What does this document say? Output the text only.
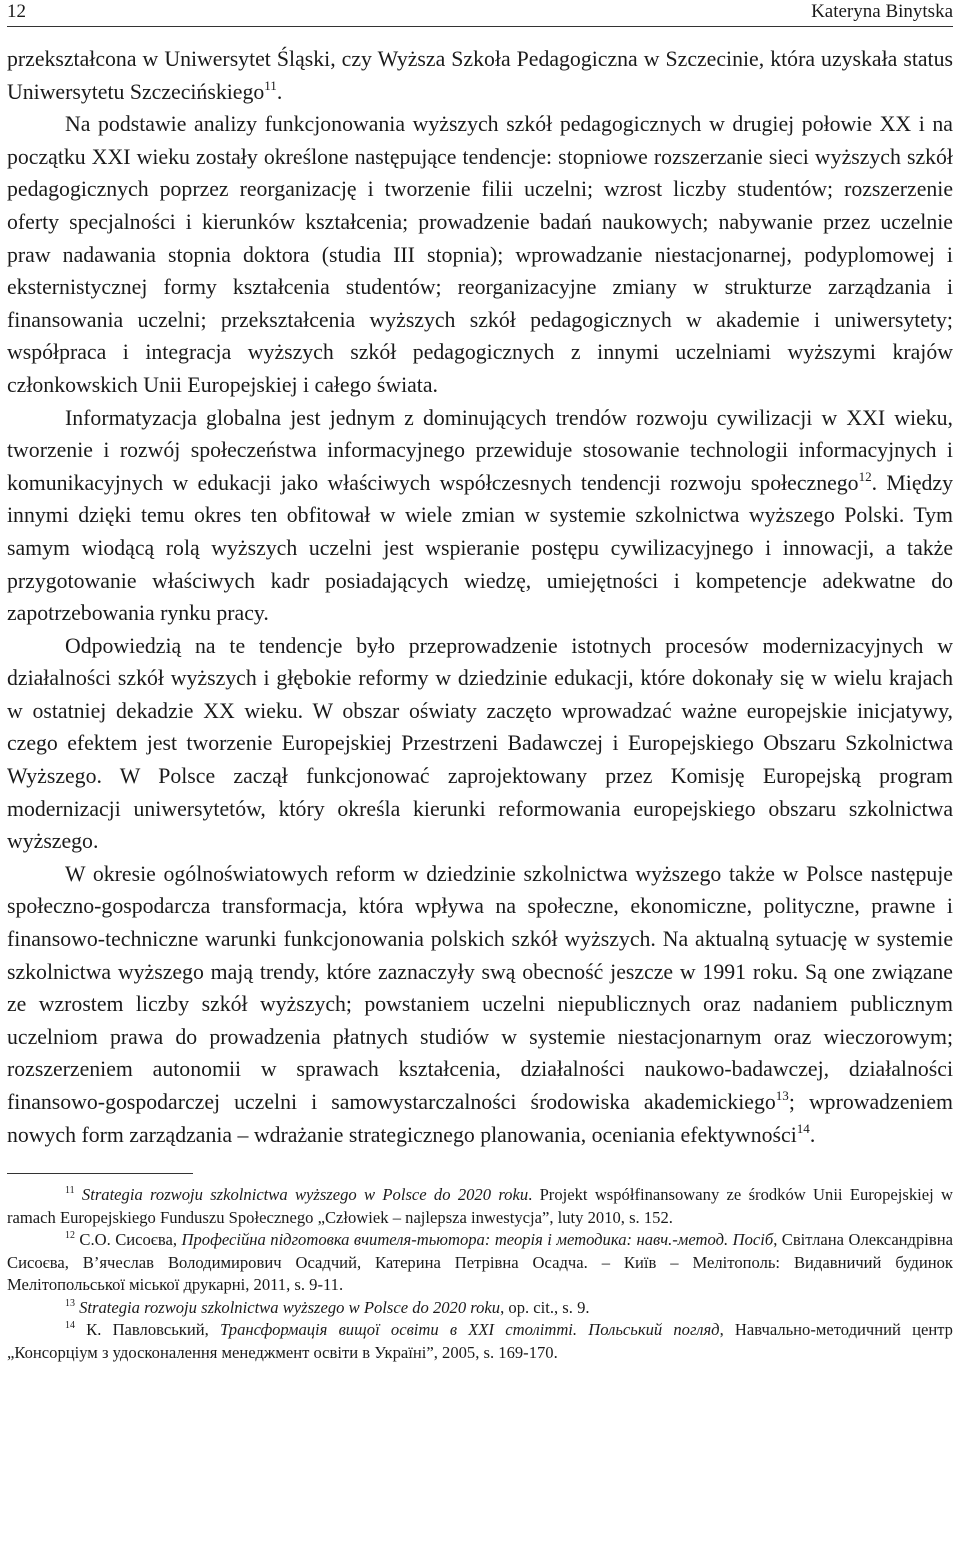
12	Kateryna Binytska

przekształcona w Uniwersytet Śląski, czy Wyższa Szkoła Pedagogiczna w Szczecinie, która uzyskała status Uniwersytetu Szczecińskiego$^{11}$.

Na podstawie analizy funkcjonowania wyższych szkół pedagogicznych w drugiej połowie XX i na początku XXI wieku zostały określone następujące tendencje: stopniowe rozszerzanie sieci wyższych szkół pedagogicznych poprzez reorganizację i tworzenie filii uczelni; wzrost liczby studentów; rozszerzenie oferty specjalności i kierunków kształcenia; prowadzenie badań naukowych; nabywanie przez uczelnie praw nadawania stopnia doktora (studia III stopnia); wprowadzanie niestacjonarnej, podyplomowej i eksternistycznej formy kształcenia studentów; reorganizacyjne zmiany w strukturze zarządzania i finansowania uczelni; przekształcenia wyższych szkół pedagogicznych w akademie i uniwersytety; współpraca i integracja wyższych szkół pedagogicznych z innymi uczelniami wyższymi krajów członkowskich Unii Europejskiej i całego świata.

Informatyzacja globalna jest jednym z dominujących trendów rozwoju cywilizacji w XXI wieku, tworzenie i rozwój społeczeństwa informacyjnego przewiduje stosowanie technologii informacyjnych i komunikacyjnych w edukacji jako właściwych współczesnych tendencji rozwoju społecznego$^{12}$. Między innymi dzięki temu okres ten obfitował w wiele zmian w systemie szkolnictwa wyższego Polski. Tym samym wiodącą rolą wyższych uczelni jest wspieranie postępu cywilizacyjnego i innowacji, a także przygotowanie właściwych kadr posiadających wiedzę, umiejętności i kompetencje adekwatne do zapotrzebowania rynku pracy.

Odpowiedzią na te tendencje było przeprowadzenie istotnych procesów modernizacyjnych w działalności szkół wyższych i głębokie reformy w dziedzinie edukacji, które dokonały się w wielu krajach w ostatniej dekadzie XX wieku. W obszar oświaty zaczęto wprowadzać ważne europejskie inicjatywy, czego efektem jest tworzenie Europejskiej Przestrzeni Badawczej i Europejskiego Obszaru Szkolnictwa Wyższego. W Polsce zaczął funkcjonować zaprojektowany przez Komisję Europejską program modernizacji uniwersytetów, który określa kierunki reformowania europejskiego obszaru szkolnictwa wyższego.

W okresie ogólnoświatowych reform w dziedzinie szkolnictwa wyższego także w Polsce następuje społeczno-gospodarcza transformacja, która wpływa na społeczne, ekonomiczne, polityczne, prawne i finansowo-techniczne warunki funkcjonowania polskich szkół wyższych. Na aktualną sytuację w systemie szkolnictwa wyższego mają trendy, które zaznaczyły swą obecność jeszcze w 1991 roku. Są one związane ze wzrostem liczby szkół wyższych; powstaniem uczelni niepublicznych oraz nadaniem publicznym uczelniom prawa do prowadzenia płatnych studiów w systemie niestacjonarnym oraz wieczorowym; rozszerzeniem autonomii w sprawach kształcenia, działalności naukowo-badawczej, działalności finansowo-gospodarczej uczelni i samowystarczalności środowiska akademickiego$^{13}$; wprowadzeniem nowych form zarządzania – wdrażanie strategicznego planowania, oceniania efektywności$^{14}$.

$^{11}$ Strategia rozwoju szkolnictwa wyższego w Polsce do 2020 roku. Projekt współfinansowany ze środków Unii Europejskiej w ramach Europejskiego Funduszu Społecznego „Człowiek – najlepsza inwestycja”, luty 2010, s. 152.

$^{12}$ С.О. Сисоєва, Професійна підготовка вчителя-тьютора: теорія і методика: навч.-метод. Посіб, Світлана Олександрівна Сисоєва, В’ячеслав Володимирович Осадчий, Катерина Петрівна Осадча. – Київ – Мелітополь: Видавничий будинок Мелітопольської міської друкарні, 2011, s. 9-11.

$^{13}$ Strategia rozwoju szkolnictwa wyższego w Polsce do 2020 roku, op. cit., s. 9.

$^{14}$ К. Павловський, Трансформація вищої освіти в ХХІ столітті. Польський погляд, Навчально-методичний центр „Консорціум з удосконалення менеджмент освіти в Україні”, 2005, s. 169-170.
